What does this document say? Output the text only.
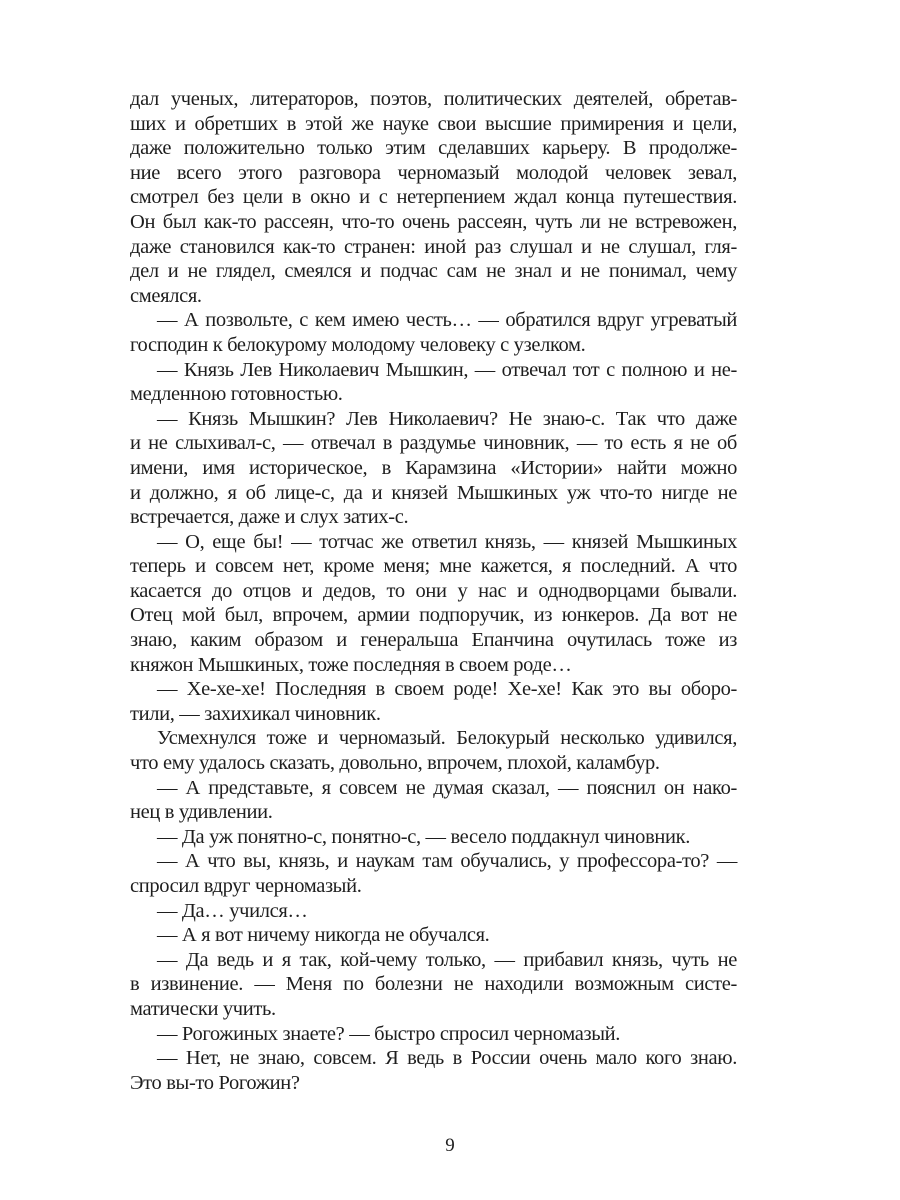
дал ученых, литераторов, поэтов, политических деятелей, обретав-
ших и обретших в этой же науке свои высшие примирения и цели,
даже положительно только этим сделавших карьеру. В продолже-
ние всего этого разговора черномазый молодой человек зевал,
смотрел без цели в окно и с нетерпением ждал конца путешествия.
Он был как-то рассеян, что-то очень рассеян, чуть ли не встревожен,
даже становился как-то странен: иной раз слушал и не слушал, гля-
дел и не глядел, смеялся и подчас сам не знал и не понимал, чему
смеялся.
— А позвольте, с кем имею честь… — обратился вдруг угреватый
господин к белокурому молодому человеку с узелком.
— Князь Лев Николаевич Мышкин, — отвечал тот с полною и не-
медленною готовностью.
— Князь Мышкин? Лев Николаевич? Не знаю-с. Так что даже
и не слыхивал-с, — отвечал в раздумье чиновник, — то есть я не об
имени, имя историческое, в Карамзина «Истории» найти можно
и должно, я об лице-с, да и князей Мышкиных уж что-то нигде не
встречается, даже и слух затих-с.
— О, еще бы! — тотчас же ответил князь, — князей Мышкиных
теперь и совсем нет, кроме меня; мне кажется, я последний. А что
касается до отцов и дедов, то они у нас и однодворцами бывали.
Отец мой был, впрочем, армии подпоручик, из юнкеров. Да вот не
знаю, каким образом и генеральша Епанчина очутилась тоже из
княжон Мышкиных, тоже последняя в своем роде…
— Хе-хе-хе! Последняя в своем роде! Хе-хе! Как это вы оборо-
тили, — захихикал чиновник.
Усмехнулся тоже и черномазый. Белокурый несколько удивился,
что ему удалось сказать, довольно, впрочем, плохой, каламбур.
— А представьте, я совсем не думая сказал, — пояснил он нако-
нец в удивлении.
— Да уж понятно-с, понятно-с, — весело поддакнул чиновник.
— А что вы, князь, и наукам там обучались, у профессора-то? —
спросил вдруг черномазый.
— Да… учился…
— А я вот ничему никогда не обучался.
— Да ведь и я так, кой-чему только, — прибавил князь, чуть не
в извинение. — Меня по болезни не находили возможным систе-
матически учить.
— Рогожиных знаете? — быстро спросил черномазый.
— Нет, не знаю, совсем. Я ведь в России очень мало кого знаю.
Это вы-то Рогожин?
9
